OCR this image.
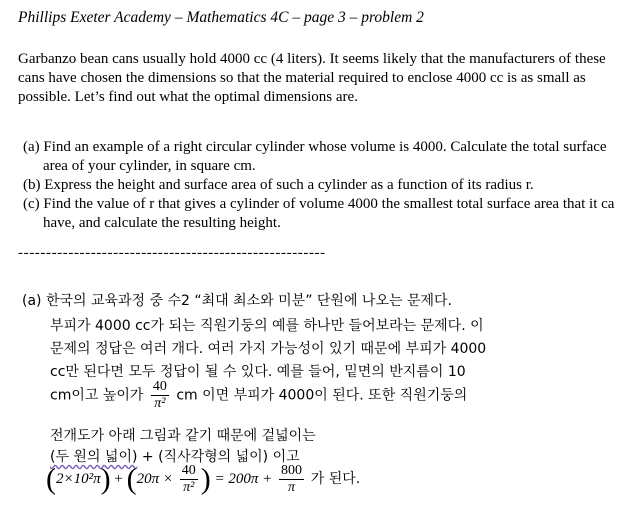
Phillips Exeter Academy – Mathematics 4C – page 3 – problem 2
Garbanzo bean cans usually hold 4000 cc (4 liters). It seems likely that the manufacturers of these cans have chosen the dimensions so that the material required to enclose 4000 cc is as small as possible. Let’s find out what the optimal dimensions are.
(a) Find an example of a right circular cylinder whose volume is 4000. Calculate the total surface area of your cylinder, in square cm.
(b) Express the height and surface area of such a cylinder as a function of its radius r.
(c) Find the value of r that gives a cylinder of volume 4000 the smallest total surface area that it ca have, and calculate the resulting height.
-------------------------------------------------------
(a) 한국의 교육과정 중 수2 “최대 최소와 미분” 단원에 나오는 문제다.
부피가 4000 cc가 되는 직원기둥의 예를 하나만 들어보라는 문제다. 이
문제의 정답은 여러 개다. 여러 가지 가능성이 있기 때문에 부피가 4000
cc만 된다면 모두 정답이 될 수 있다. 예를 들어, 밑면의 반지름이 10
cm이고 높이가 $\frac{40}{\text{π²}}$ cm 이면 부피가 4000이 된다. 또한 직원기둥의
전개도가 아래 그림과 같기 때문에 겉넓이는
(두 원의 넓이) + (직사각형의 넓이) 이고
$(2\times 10^2\pi) + (20\pi \times \frac{40}{\text{π²}}$ ) = $200\pi + \frac{800}{\pi}$ 가 된다.
